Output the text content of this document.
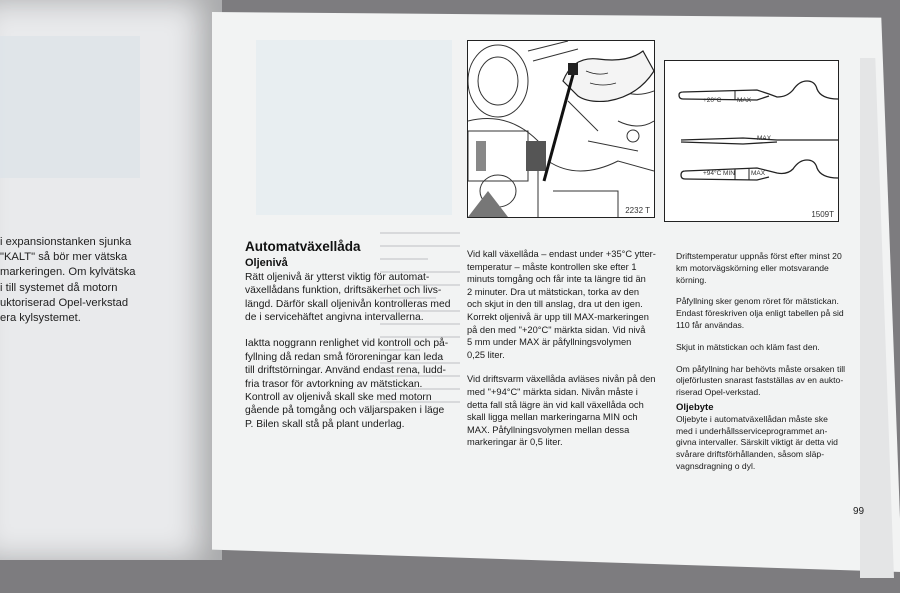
i expansionstanken sjunka
"KALT" så bör mer vätska
markeringen. Om kylvätska
i till systemet då motorn
uktoriserad Opel-verkstad
era kylsystemet.
2232 T
+20°C MAX
MAX
+94°C MIN MAX
1509T
Automatväxellåda
Oljenivå
Rätt oljenivå är ytterst viktig för automat-
växellådans funktion, driftsäkerhet och livs-
längd. Därför skall oljenivån kontrolleras med
de i servicehäftet angivna intervallerna.
Iaktta noggrann renlighet vid kontroll och på-
fyllning då redan små föroreningar kan leda
till driftstörningar. Använd endast rena, ludd-
fria trasor för avtorkning av mätstickan.
Kontroll av oljenivå skall ske med motorn
gående på tomgång och väljarspaken i läge
P. Bilen skall stå på plant underlag.
Vid kall växellåda – endast under +35°C ytter-
temperatur – måste kontrollen ske efter 1
minuts tomgång och får inte ta längre tid än
2 minuter. Dra ut mätstickan, torka av den
och skjut in den till anslag, dra ut den igen.
Korrekt oljenivå är upp till MAX-markeringen
på den med "+20°C" märkta sidan. Vid nivå
5 mm under MAX är påfyllningsvolymen
0,25 liter.
Vid driftsvarm växellåda avläses nivån på den
med "+94°C" märkta sidan. Nivån måste i
detta fall stå lägre än vid kall växellåda och
skall ligga mellan markeringarna MIN och
MAX. Påfyllningsvolymen mellan dessa
markeringar är 0,5 liter.
Driftstemperatur uppnås först efter minst 20
km motorvägskörning eller motsvarande
körning.
Påfyllning sker genom röret för mätstickan.
Endast föreskriven olja enligt tabellen på sid
110 får användas.
Skjut in mätstickan och kläm fast den.
Om påfyllning har behövts måste orsaken till
oljeförlusten snarast fastställas av en aukto-
riserad Opel-verkstad.
Oljebyte
Oljebyte i automatväxellådan måste ske
med i underhållsserviceprogrammet an-
givna intervaller. Särskilt viktigt är detta vid
svårare driftsförhållanden, såsom släp-
vagnsdragning o dyl.
99
